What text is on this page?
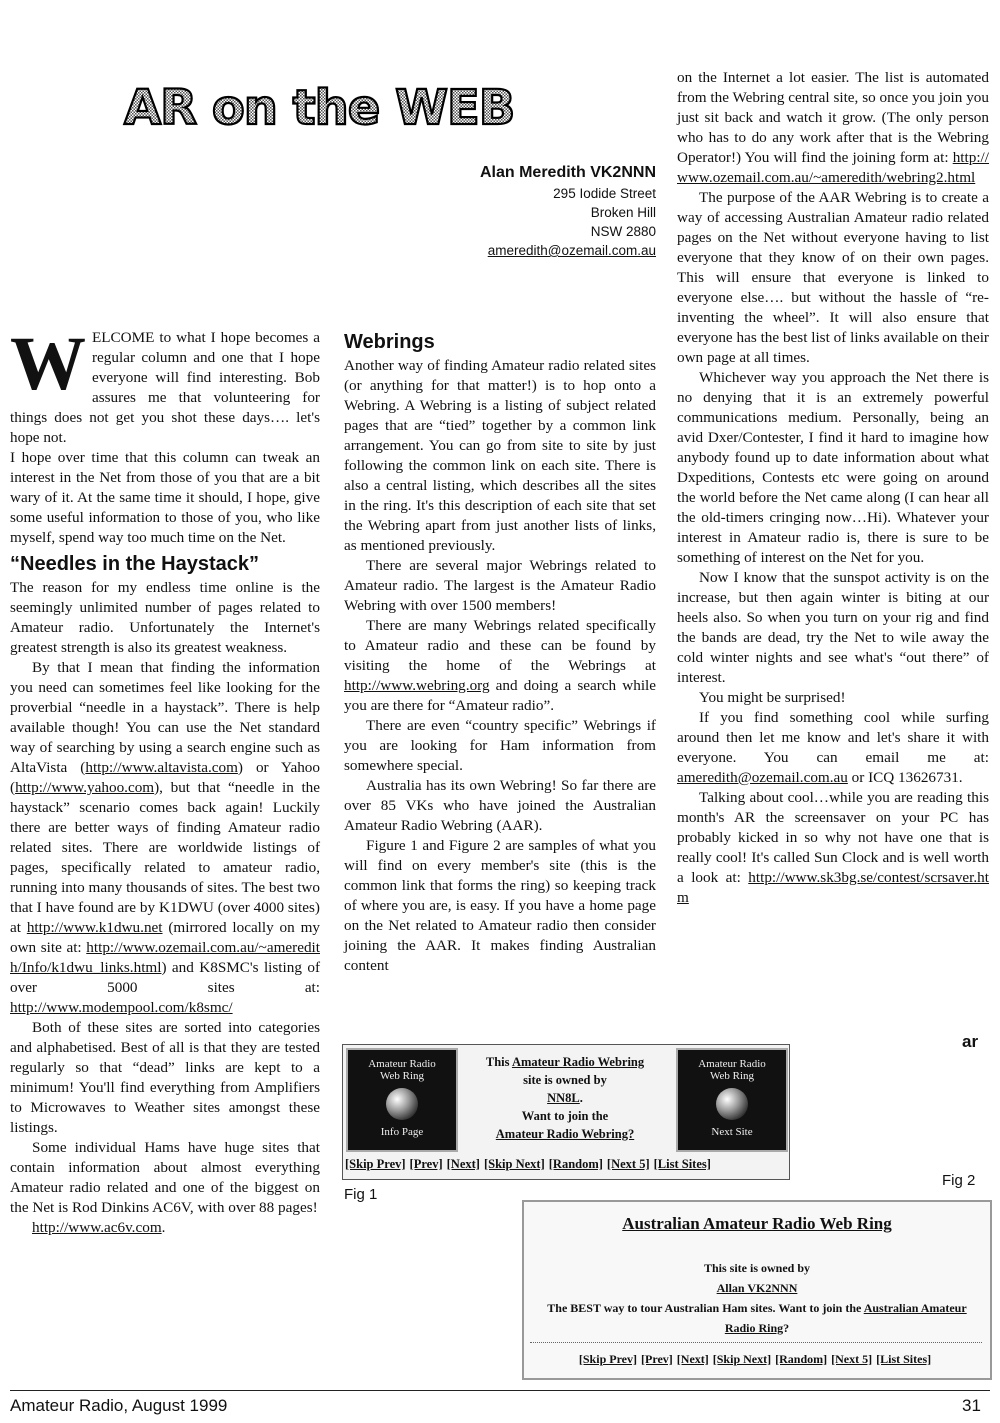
AR on the WEB
Alan Meredith VK2NNN
295 Iodide Street
Broken Hill
NSW 2880
ameredith@ozemail.com.au

WELCOME to what I hope becomes a regular column and one that I hope everyone will find interesting. Bob assures me that volunteering for things does not get you shot these days…. let's hope not.

I hope over time that this column can tweak an interest in the Net from those of you that are a bit wary of it. At the same time it should, I hope, give some useful information to those of you, who like myself, spend way too much time on the Net.

“Needles in the Haystack”

The reason for my endless time online is the seemingly unlimited number of pages related to Amateur radio. Unfortunately the Internet's greatest strength is also its greatest weakness.

By that I mean that finding the information you need can sometimes feel like looking for the proverbial “needle in a haystack”. There is help available though! You can use the Net standard way of searching by using a search engine such as AltaVista (http://www.altavista.com) or Yahoo (http://www.yahoo.com), but that “needle in the haystack” scenario comes back again! Luckily there are better ways of finding Amateur radio related sites. There are worldwide listings of pages, specifically related to amateur radio, running into many thousands of sites. The best two that I have found are by K1DWU (over 4000 sites) at http://www.k1dwu.net (mirrored locally on my own site at: http://www.ozemail.com.au/~ameredith/Info/k1dwu_links.html) and K8SMC's listing of over 5000 sites at: http://www.modempool.com/k8smc/

Both of these sites are sorted into categories and alphabetised. Best of all is that they are tested regularly so that “dead” links are kept to a minimum! You'll find everything from Amplifiers to Microwaves to Weather sites amongst these listings.

Some individual Hams have huge sites that contain information about almost everything Amateur radio related and one of the biggest on the Net is Rod Dinkins AC6V, with over 88 pages!

http://www.ac6v.com.

Webrings

Another way of finding Amateur radio related sites (or anything for that matter!) is to hop onto a Webring. A Webring is a listing of subject related pages that are “tied” together by a common link arrangement. You can go from site to site by just following the common link on each site. There is also a central listing, which describes all the sites in the ring. It's this description of each site that set the Webring apart from just another lists of links, as mentioned previously.

There are several major Webrings related to Amateur radio. The largest is the Amateur Radio Webring with over 1500 members!

There are many Webrings related specifically to Amateur radio and these can be found by visiting the home of the Webrings at http://www.webring.org and doing a search while you are there for “Amateur radio”.

There are even “country specific” Webrings if you are looking for Ham information from somewhere special.

Australia has its own Webring! So far there are over 85 VKs who have joined the Australian Amateur Radio Webring (AAR).

Figure 1 and Figure 2 are samples of what you will find on every member's site (this is the common link that forms the ring) so keeping track of where you are, is easy. If you have a home page on the Net related to Amateur radio then consider joining the AAR. It makes finding Australian content

on the Internet a lot easier. The list is automated from the Webring central site, so once you join you just sit back and watch it grow. (The only person who has to do any work after that is the Webring Operator!) You will find the joining form at: http://www.ozemail.com.au/~ameredith/webring2.html

The purpose of the AAR Webring is to create a way of accessing Australian Amateur radio related pages on the Net without everyone having to list everyone that they know of on their own pages. This will ensure that everyone is linked to everyone else…. but without the hassle of “re-inventing the wheel”. It will also ensure that everyone has the best list of links available on their own page at all times.

Whichever way you approach the Net there is no denying that it is an extremely powerful communications medium. Personally, being an avid Dxer/Contester, I find it hard to imagine how anybody found up to date information about what Dxpeditions, Contests etc were going on around the world before the Net came along (I can hear all the old-timers cringing now…Hi). Whatever your interest in Amateur radio is, there is sure to be something of interest on the Net for you.

Now I know that the sunspot activity is on the increase, but then again winter is biting at our heels also. So when you turn on your rig and find the bands are dead, try the Net to wile away the cold winter nights and see what's “out there” of interest.

You might be surprised!

If you find something cool while surfing around then let me know and let's share it with everyone. You can email me at: ameredith@ozemail.com.au or ICQ 13626731.

Talking about cool…while you are reading this month's AR the screensaver on your PC has probably kicked in so why not have one that is really cool! It's called Sun Clock and is well worth a look at: http://www.sk3bg.se/contest/scrsaver.htm

ar
Amateur Radio
Web Ring
Info Page
This Amateur Radio Webring
site is owned by
NN8L.
Want to join the
Amateur Radio Webring?
Amateur Radio
Web Ring
Next Site
[Skip Prev] [Prev] [Next] [Skip Next] [Random] [Next 5] [List Sites]
Fig 1
Fig 2
Australian Amateur Radio Web Ring
This site is owned by
Allan VK2NNN
The BEST way to tour Australian Ham sites. Want to join the Australian Amateur Radio Ring?
[Skip Prev] [Prev] [Next] [Skip Next] [Random] [Next 5] [List Sites]
Amateur Radio, August 1999	31
